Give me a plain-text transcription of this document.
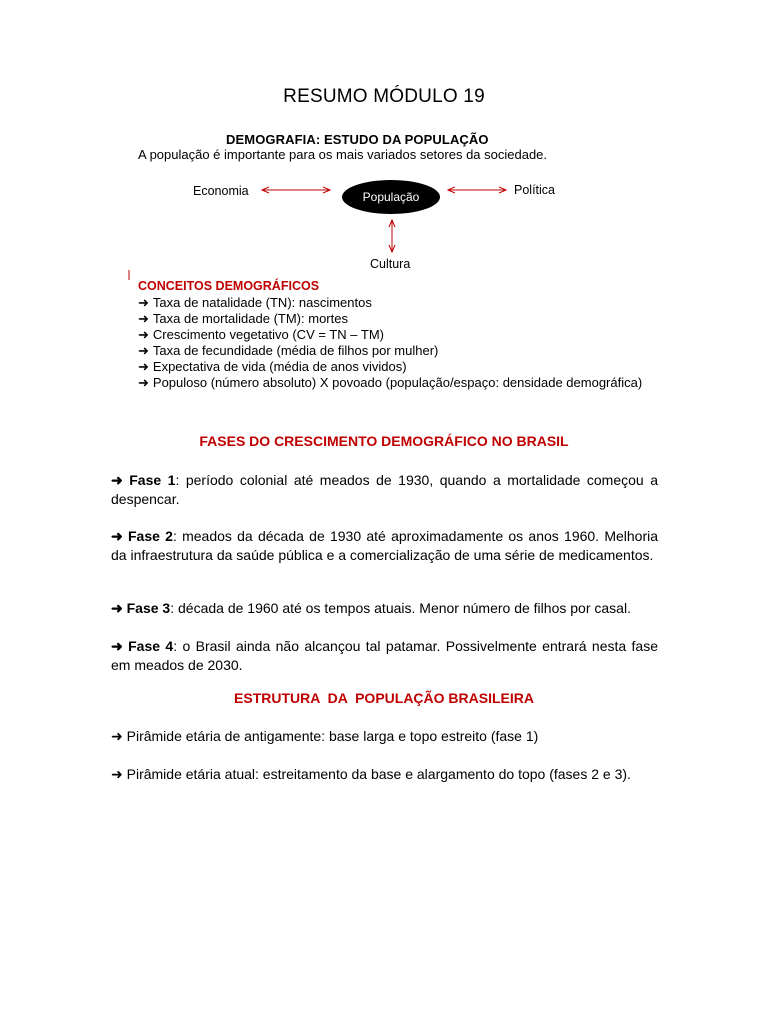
RESUMO MÓDULO 19
DEMOGRAFIA: ESTUDO DA POPULAÇÃO
A população é importante para os mais variados setores da sociedade.
Economia	População	Política
Cultura
CONCEITOS DEMOGRÁFICOS
➜ Taxa de natalidade (TN): nascimentos
➜ Taxa de mortalidade (TM): mortes
➜ Crescimento vegetativo (CV = TN – TM)
➜ Taxa de fecundidade (média de filhos por mulher)
➜ Expectativa de vida (média de anos vividos)
➜ Populoso (número absoluto) X povoado (população/espaço: densidade demográfica)
FASES DO CRESCIMENTO DEMOGRÁFICO NO BRASIL

➜ Fase 1: período colonial até meados de 1930, quando a mortalidade começou a despencar.

➜ Fase 2: meados da década de 1930 até aproximadamente os anos 1960. Melhoria da infraestrutura da saúde pública e a comercialização de uma série de medicamentos.

➜ Fase 3: década de 1960 até os tempos atuais. Menor número de filhos por casal.

➜ Fase 4: o Brasil ainda não alcançou tal patamar. Possivelmente entrará nesta fase em meados de 2030.

ESTRUTURA  DA  POPULAÇÃO BRASILEIRA

➜ Pirâmide etária de antigamente: base larga e topo estreito (fase 1)

➜ Pirâmide etária atual: estreitamento da base e alargamento do topo (fases 2 e 3).
